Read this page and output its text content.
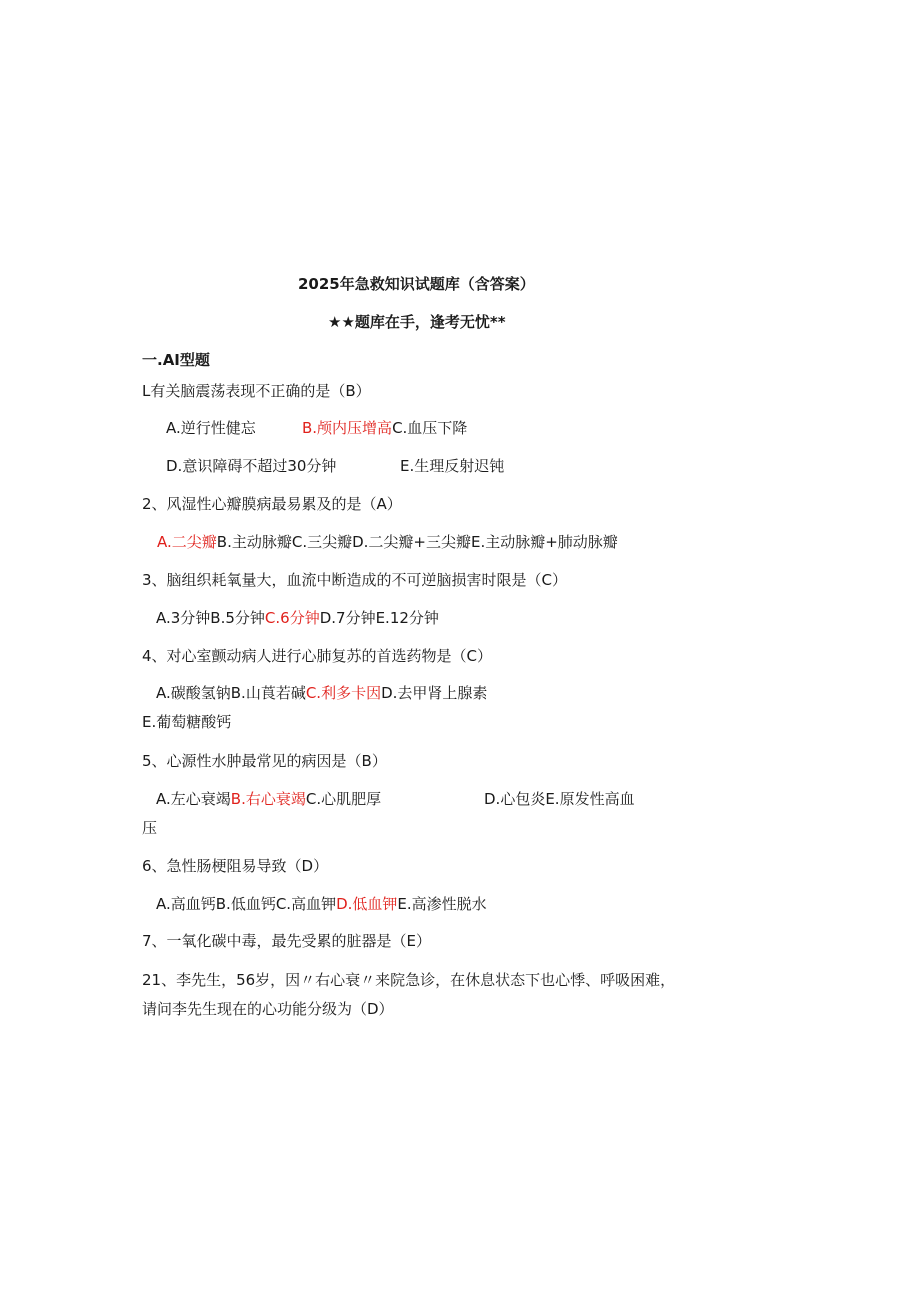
2025年急救知识试题库（含答案）
★★题库在手，逢考无忧**
一.AI型题
L有关脑震荡表现不正确的是（B）
A.逆行性健忘	B.颅内压增高C.血压下降
D.意识障碍不超过30分钟	E.生理反射迟钝
2、风湿性心瓣膜病最易累及的是（A）
A.二尖瓣B.主动脉瓣C.三尖瓣D.二尖瓣+三尖瓣E.主动脉瓣+肺动脉瓣
3、脑组织耗氧量大，血流中断造成的不可逆脑损害时限是（C）
A.3分钟B.5分钟C.6分钟D.7分钟E.12分钟
4、对心室颤动病人进行心肺复苏的首选药物是（C）
A.碳酸氢钠B.山莨若碱C.利多卡因D.去甲肾上腺素
E.葡萄糖酸钙
5、心源性水肿最常见的病因是（B）
A.左心衰竭B.右心衰竭C.心肌肥厚	D.心包炎E.原发性高血
压
6、急性肠梗阻易导致（D）
A.高血钙B.低血钙C.高血钾D.低血钾E.高渗性脱水
7、一氧化碳中毒，最先受累的脏器是（E）
21、李先生，56岁，因〃右心衰〃来院急诊，在休息状态下也心悸、呼吸困难，
请问李先生现在的心功能分级为（D）
